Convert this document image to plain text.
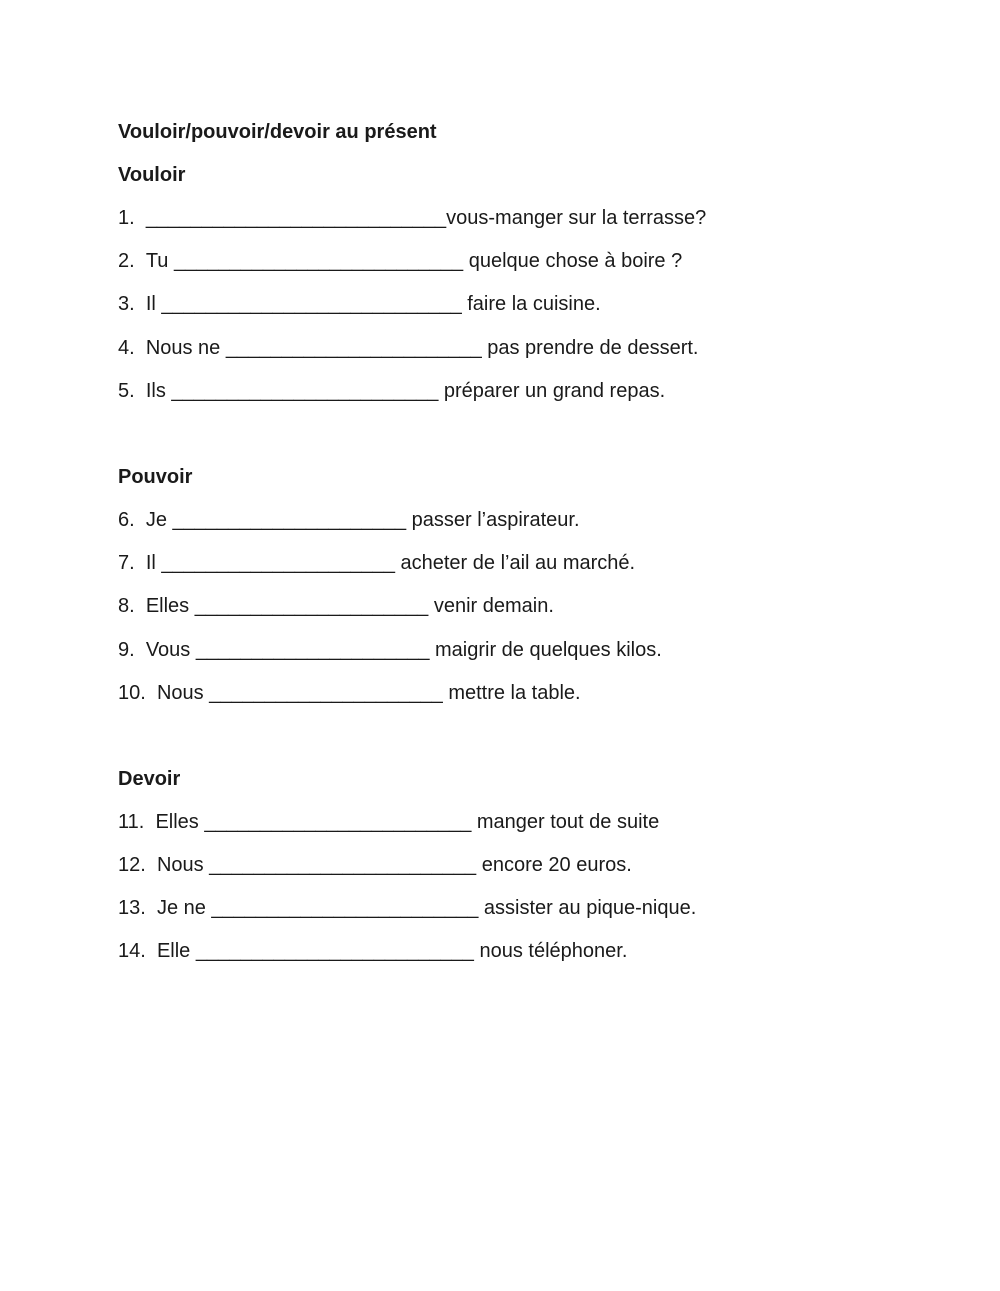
Vouloir/pouvoir/devoir au présent
Vouloir
1. ___________________________vous-manger sur la terrasse?
2. Tu __________________________ quelque chose à boire ?
3. Il ___________________________ faire la cuisine.
4. Nous ne _______________________ pas prendre de dessert.
5. Ils ________________________ préparer un grand repas.
Pouvoir
6. Je _____________________ passer l’aspirateur.
7. Il _____________________ acheter de l’ail au marché.
8. Elles _____________________ venir demain.
9. Vous _____________________ maigrir de quelques kilos.
10. Nous _____________________ mettre la table.
Devoir
11. Elles ________________________ manger tout de suite
12. Nous ________________________ encore 20 euros.
13. Je ne ________________________ assister au pique-nique.
14. Elle _________________________ nous téléphoner.
